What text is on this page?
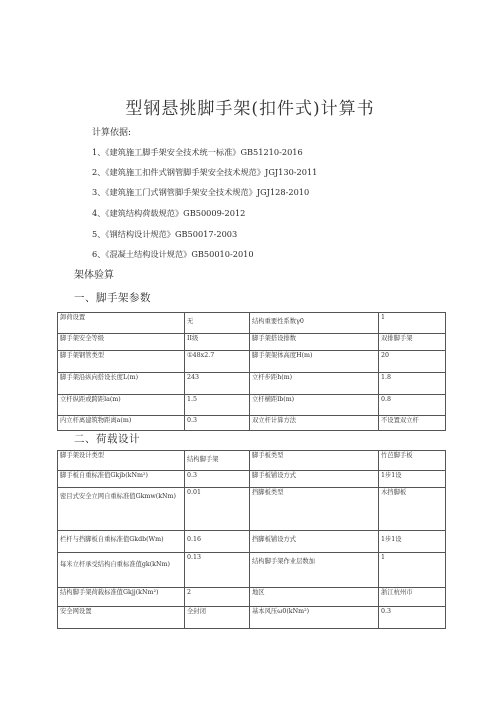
型钢悬挑脚手架(扣件式)计算书
计算依据:
1、《建筑施工脚手架安全技术统一标准》GB51210-2016
2、《建筑施工扣件式钢管脚手架安全技术规范》JGJ130-2011
3、《建筑施工门式钢管脚手架安全技术规范》JGJ128-2010
4、《建筑结构荷载规范》GB50009-2012
5、《钢结构设计规范》GB50017-2003
6、《混凝土结构设计规范》GB50010-2010
架体验算
一、脚手架参数
卸荷设置	无	结构重要性系数γ0	1
脚手架安全等级	II级	脚手架搭设排数	双排脚手架
脚手架钢管类型	①48x2.7	脚手架架体高度H(m)	20
脚手架沿纵向搭设长度L(m)	243	立杆步距h(m)	1.8
立杆纵距或跨距la(m)	1.5	立杆横距lb(m)	0.8
内立杆离建筑物距离a(m)	0.3	双立杆计算方法	不设置双立杆
二、荷载设计
脚手架设计类型	结构脚手架	脚手板类型	竹芭脚手板
脚手板自重标准值Gkjb(kNm²)	0.3	脚手板铺设方式	1步1设
密目式安全立网自重标准值Gkmw(kNm)	0.01	挡脚板类型	木挡脚板
栏杆与挡脚板自重标准值Gkdb(Wm)	0.16	挡脚板铺设方式	1步1设
每米立杆承受结构自重标准值gk(kNm)	0.13	结构脚手架作业层数加	1
结构脚手架荷载标准值Gkjj(kNm²)	2	地区	浙江杭州市
安全网设置	全封闭	基本风压ω0(kNm²)	0.3
